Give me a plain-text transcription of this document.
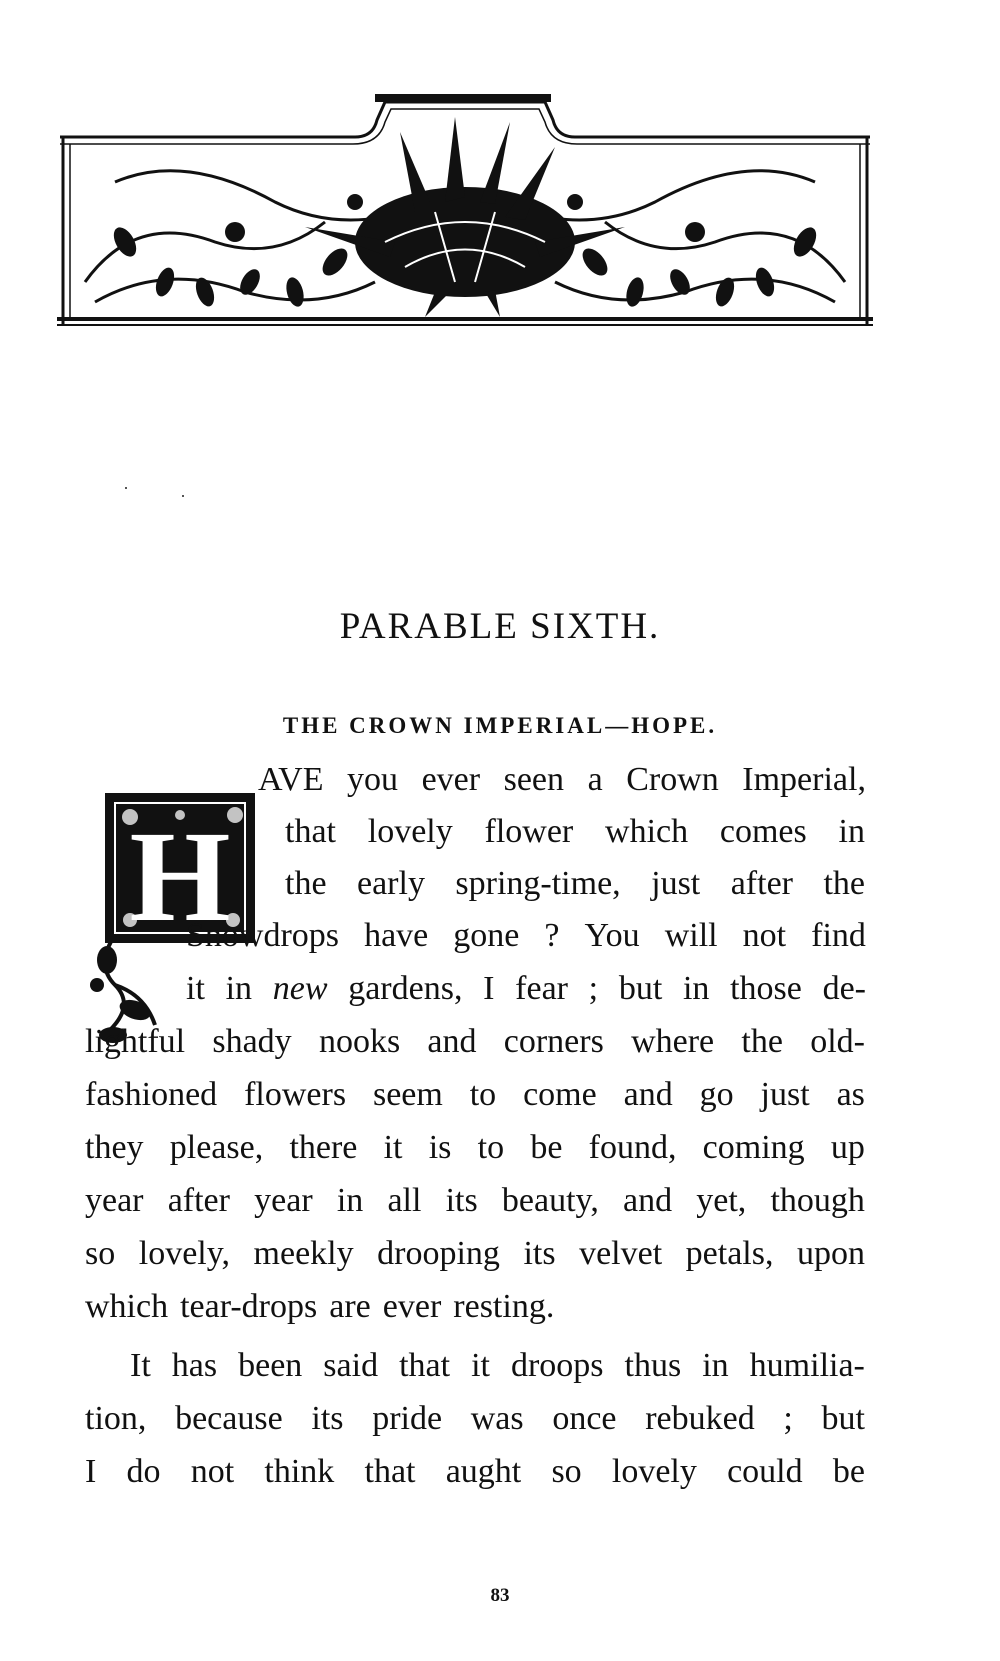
PARABLE SIXTH.
THE CROWN IMPERIAL—HOPE.
H
AVE you ever seen a Crown Imperial,
that lovely flower which comes in
the early spring-time, just after the
Snowdrops have gone ? You will not find
it in new gardens, I fear ; but in those de-
lightful shady nooks and corners where the old-
fashioned flowers seem to come and go just as
they please, there it is to be found, coming up
year after year in all its beauty, and yet, though
so lovely, meekly drooping its velvet petals, upon
which tear-drops are ever resting.
It has been said that it droops thus in humilia-
tion, because its pride was once rebuked ; but
I do not think that aught so lovely could be
83
